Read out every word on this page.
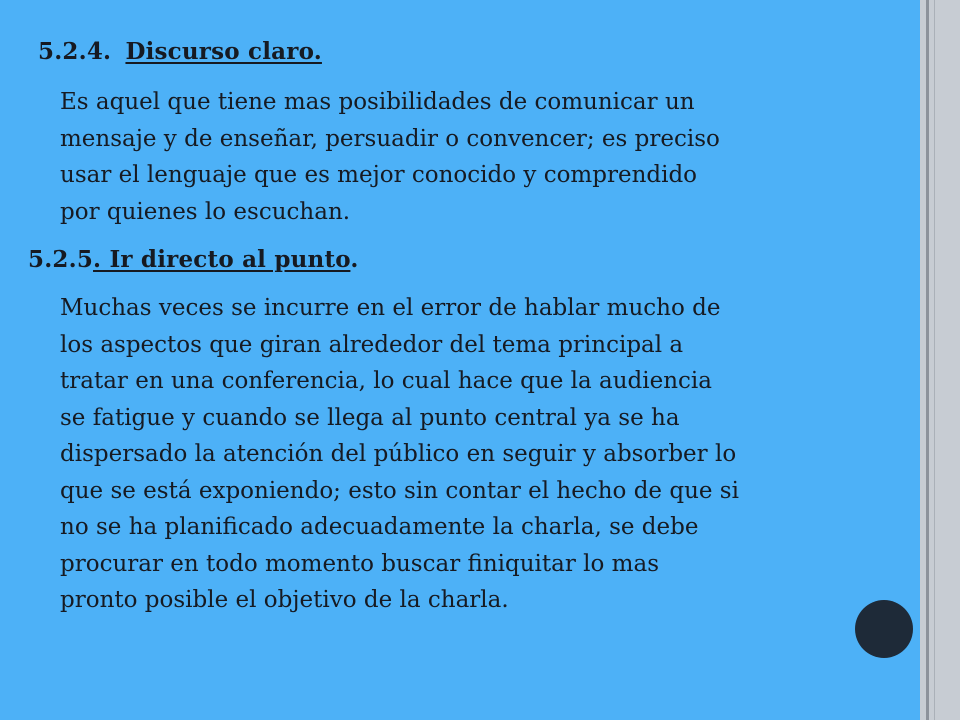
5.2.4. Discurso claro.
Es aquel que tiene mas posibilidades de comunicar un
mensaje y de enseñar, persuadir o convencer; es preciso
usar el lenguaje que es mejor conocido y comprendido
por quienes lo escuchan.
5.2.5. Ir directo al punto.
Muchas veces se incurre en el error de hablar mucho de
los aspectos que giran alrededor del tema principal a
tratar en una conferencia, lo cual hace que la audiencia
se fatigue y cuando se llega al punto central ya se ha
dispersado la atención del público en seguir y absorber lo
que se está exponiendo; esto sin contar el hecho de que si
no se ha planificado adecuadamente la charla, se debe
procurar en todo momento buscar finiquitar lo mas
pronto posible el objetivo de la charla.
